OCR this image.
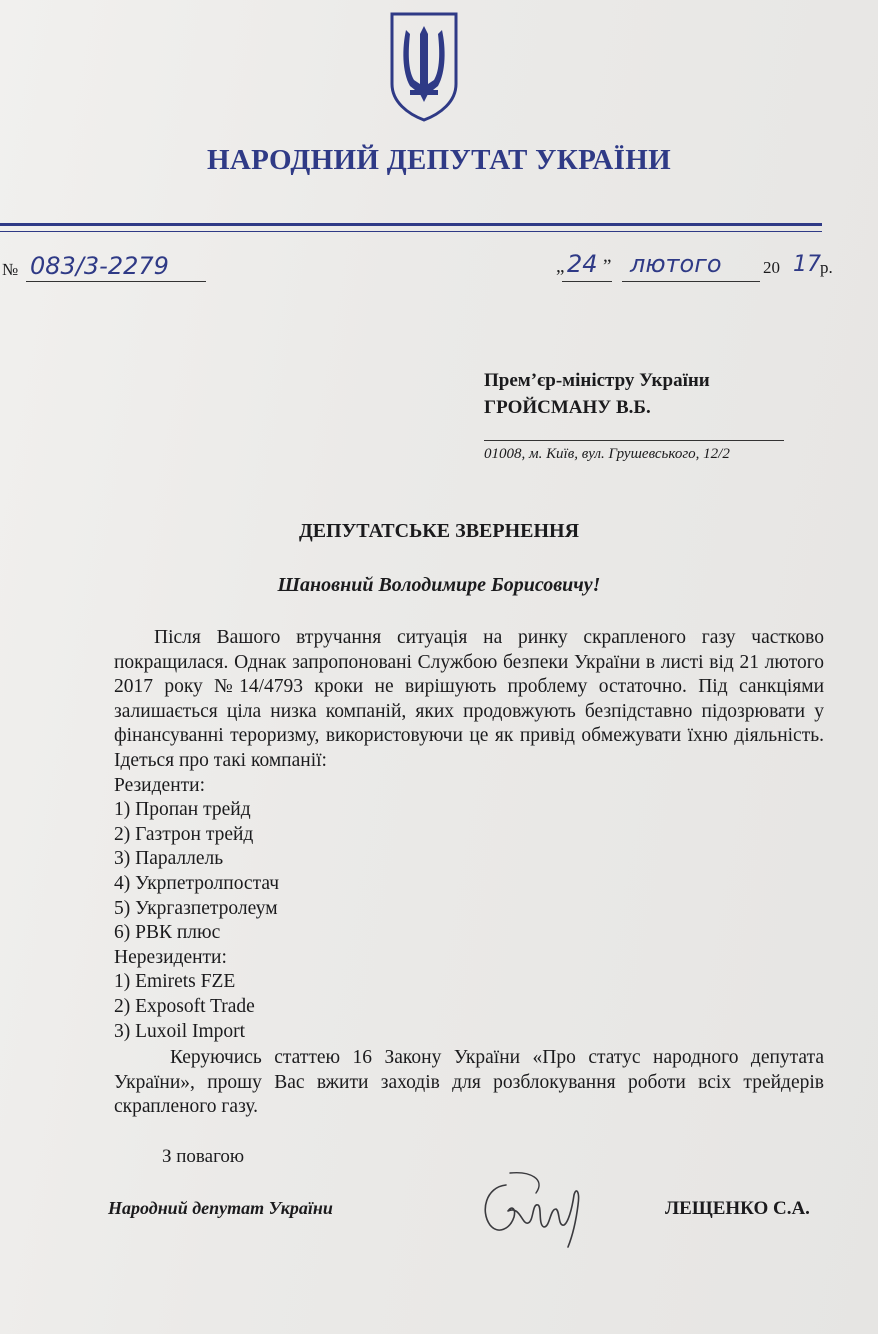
НАРОДНИЙ ДЕПУТАТ УКРАЇНИ
№ 083/3-2279	„ 24 ” лютого 20 17 р.
Прем’єр-міністру України
ГРОЙСМАНУ В.Б.
01008, м. Київ, вул. Грушевського, 12/2
ДЕПУТАТСЬКЕ ЗВЕРНЕННЯ
Шановний Володимире Борисовичу!

Після Вашого втручання ситуація на ринку скрапленого газу частково покращилася. Однак запропоновані Службою безпеки України в листі від 21 лютого 2017 року №14/4793 кроки не вирішують проблему остаточно. Під санкціями залишається ціла низка компаній, яких продовжують безпідставно підозрювати у фінансуванні тероризму, використовуючи це як привід обмежувати їхню діяльність. Ідеться про такі компанії:

Резиденти:
1) Пропан трейд
2) Газтрон трейд
3) Параллель
4) Укрпетролпостач
5) Укргазпетролеум
6) РВК плюс
Нерезиденти:
1) Emirets FZE
2) Exposoft Trade
3) Luxoil Import

Керуючись статтею 16 Закону України «Про статус народного депутата України», прошу Вас вжити заходів для розблокування роботи всіх трейдерів скрапленого газу.

З повагою
Народний депутат України	ЛЕЩЕНКО С.А.
